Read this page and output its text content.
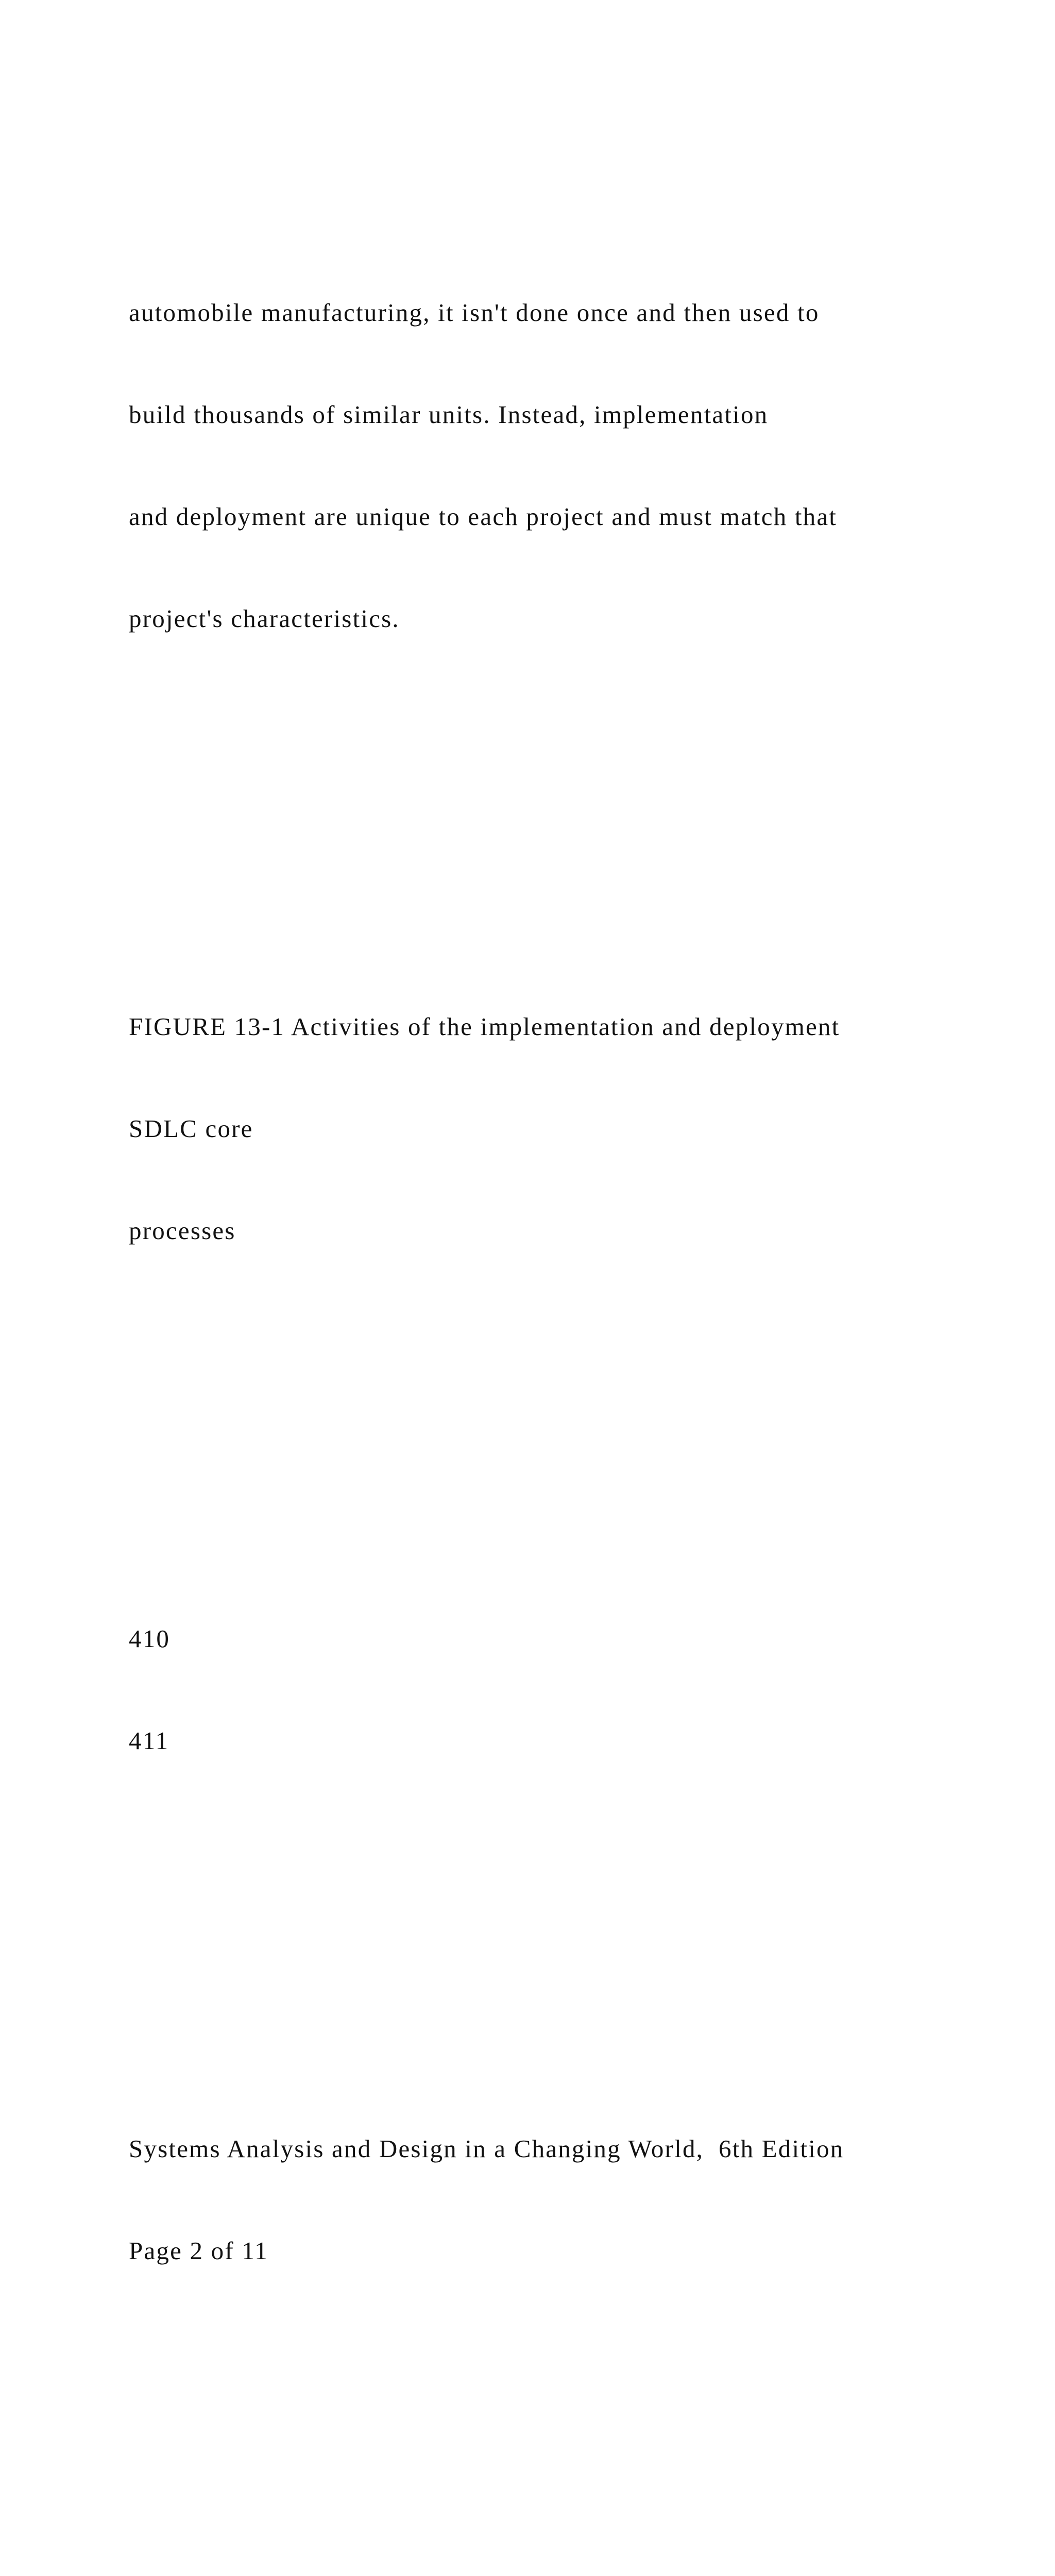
automobile manufacturing, it isn't done once and then used to

build thousands of similar units. Instead, implementation

and deployment are unique to each project and must match that

project's characteristics.

FIGURE 13-1 Activities of the implementation and deployment

SDLC core

processes

410

411

Systems Analysis and Design in a Changing World,  6th Edition

Page 2 of 11
